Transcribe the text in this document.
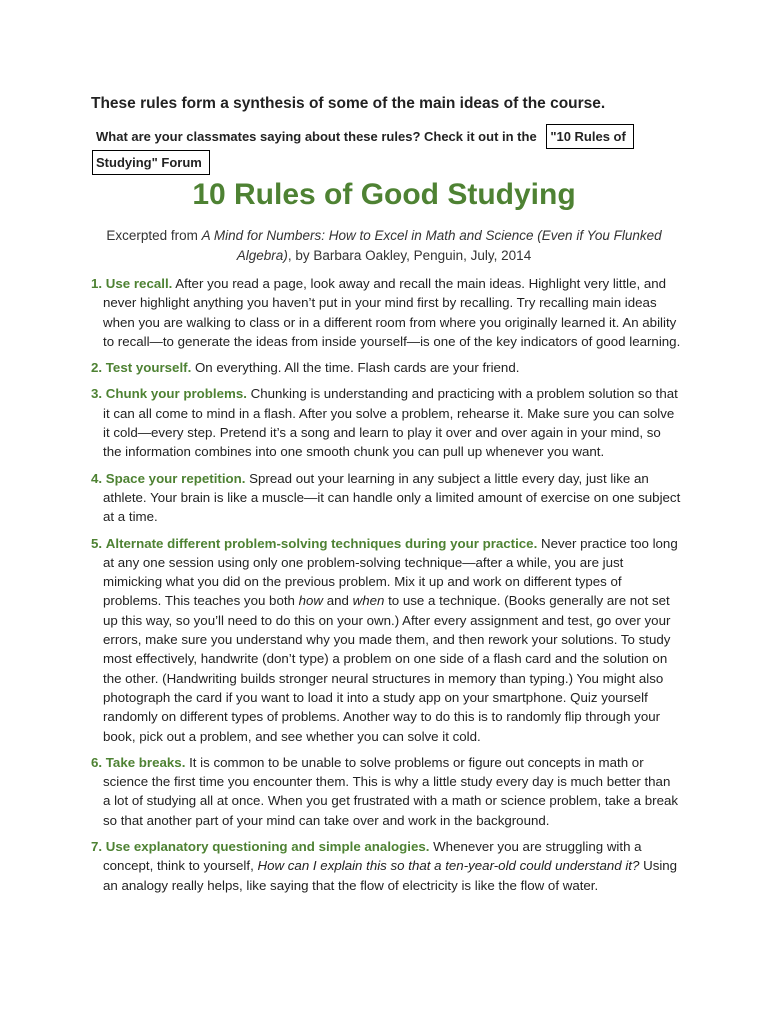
These rules form a synthesis of some of the main ideas of the course.
What are your classmates saying about these rules? Check it out in the "10 Rules of
Studying" Forum
10 Rules of Good Studying
Excerpted from A Mind for Numbers: How to Excel in Math and Science (Even if You Flunked Algebra), by Barbara Oakley, Penguin, July, 2014
1. Use recall. After you read a page, look away and recall the main ideas. Highlight very little, and never highlight anything you haven’t put in your mind first by recalling. Try recalling main ideas when you are walking to class or in a different room from where you originally learned it. An ability to recall—to generate the ideas from inside yourself—is one of the key indicators of good learning.
2. Test yourself. On everything. All the time. Flash cards are your friend.
3. Chunk your problems. Chunking is understanding and practicing with a problem solution so that it can all come to mind in a flash. After you solve a problem, rehearse it. Make sure you can solve it cold—every step. Pretend it’s a song and learn to play it over and over again in your mind, so the information combines into one smooth chunk you can pull up whenever you want.
4. Space your repetition. Spread out your learning in any subject a little every day, just like an athlete. Your brain is like a muscle—it can handle only a limited amount of exercise on one subject at a time.
5. Alternate different problem-solving techniques during your practice. Never practice too long at any one session using only one problem-solving technique—after a while, you are just mimicking what you did on the previous problem. Mix it up and work on different types of problems. This teaches you both how and when to use a technique. (Books generally are not set up this way, so you’ll need to do this on your own.) After every assignment and test, go over your errors, make sure you understand why you made them, and then rework your solutions. To study most effectively, handwrite (don’t type) a problem on one side of a flash card and the solution on the other. (Handwriting builds stronger neural structures in memory than typing.) You might also photograph the card if you want to load it into a study app on your smartphone. Quiz yourself randomly on different types of problems. Another way to do this is to randomly flip through your book, pick out a problem, and see whether you can solve it cold.
6. Take breaks. It is common to be unable to solve problems or figure out concepts in math or science the first time you encounter them. This is why a little study every day is much better than a lot of studying all at once. When you get frustrated with a math or science problem, take a break so that another part of your mind can take over and work in the background.
7. Use explanatory questioning and simple analogies. Whenever you are struggling with a concept, think to yourself, How can I explain this so that a ten-year-old could understand it? Using an analogy really helps, like saying that the flow of electricity is like the flow of water.
